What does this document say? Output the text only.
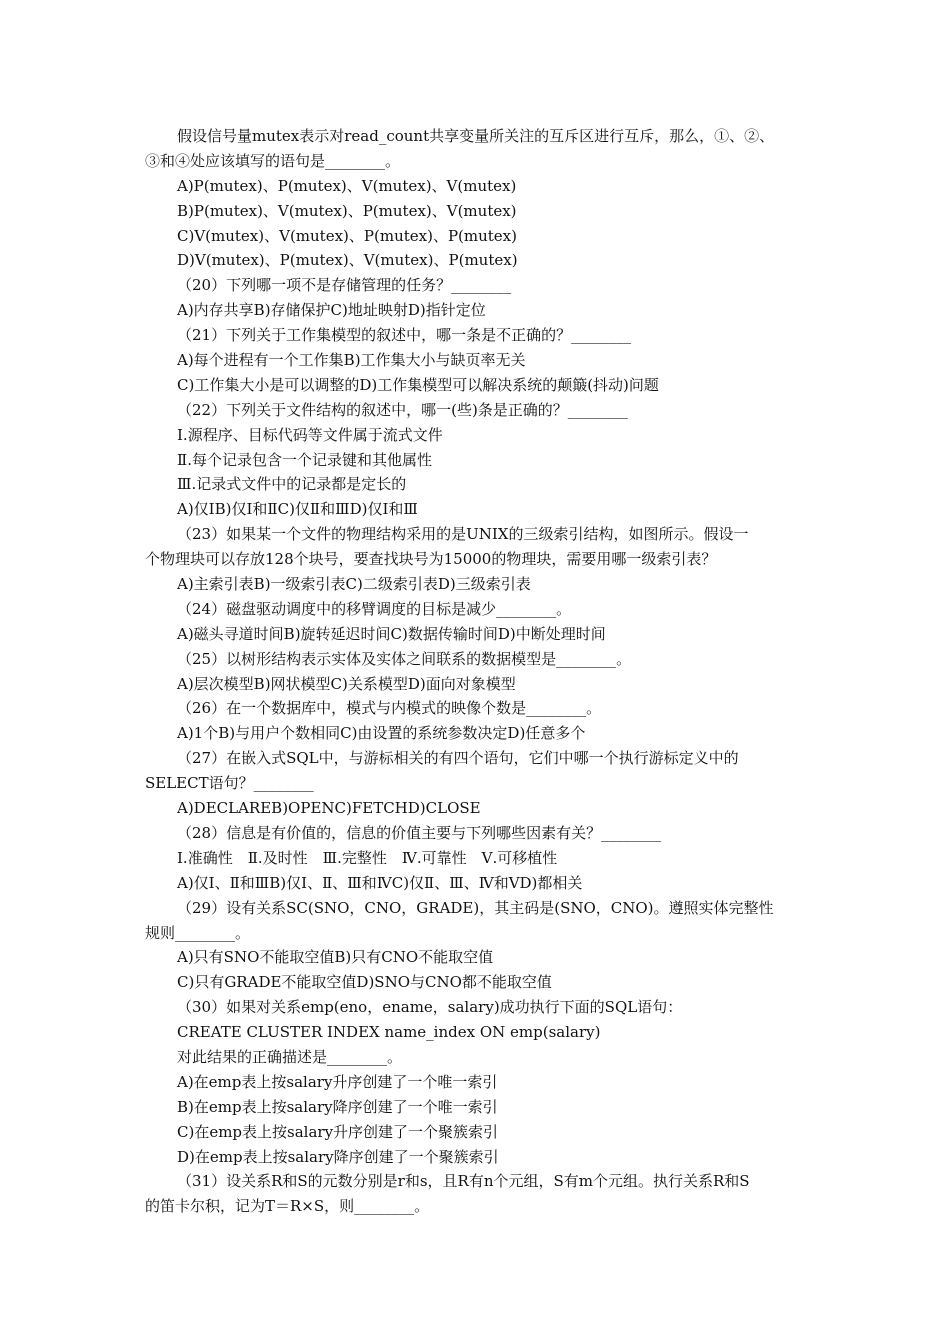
假设信号量mutex表示对read_count共享变量所关注的互斥区进行互斥，那么，①、②、
③和④处应该填写的语句是________。
A)P(mutex)、P(mutex)、V(mutex)、V(mutex)
B)P(mutex)、V(mutex)、P(mutex)、V(mutex)
C)V(mutex)、V(mutex)、P(mutex)、P(mutex)
D)V(mutex)、P(mutex)、V(mutex)、P(mutex)
（20）下列哪一项不是存储管理的任务？________
A)内存共享B)存储保护C)地址映射D)指针定位
（21）下列关于工作集模型的叙述中，哪一条是不正确的？________
A)每个进程有一个工作集B)工作集大小与缺页率无关
C)工作集大小是可以调整的D)工作集模型可以解决系统的颠簸(抖动)问题
（22）下列关于文件结构的叙述中，哪一(些)条是正确的？________
Ⅰ.源程序、目标代码等文件属于流式文件
Ⅱ.每个记录包含一个记录键和其他属性
Ⅲ.记录式文件中的记录都是定长的
A)仅ⅠB)仅Ⅰ和ⅡC)仅Ⅱ和ⅢD)仅Ⅰ和Ⅲ
（23）如果某一个文件的物理结构采用的是UNIX的三级索引结构，如图所示。假设一
个物理块可以存放128个块号，要查找块号为15000的物理块，需要用哪一级索引表？
A)主索引表B)一级索引表C)二级索引表D)三级索引表
（24）磁盘驱动调度中的移臂调度的目标是减少________。
A)磁头寻道时间B)旋转延迟时间C)数据传输时间D)中断处理时间
（25）以树形结构表示实体及实体之间联系的数据模型是________。
A)层次模型B)网状模型C)关系模型D)面向对象模型
（26）在一个数据库中，模式与内模式的映像个数是________。
A)1个B)与用户个数相同C)由设置的系统参数决定D)任意多个
（27）在嵌入式SQL中，与游标相关的有四个语句，它们中哪一个执行游标定义中的
SELECT语句？________
A)DECLAREB)OPENC)FETCHD)CLOSE
（28）信息是有价值的，信息的价值主要与下列哪些因素有关？________
Ⅰ.准确性　Ⅱ.及时性　Ⅲ.完整性　Ⅳ.可靠性　Ⅴ.可移植性
A)仅Ⅰ、Ⅱ和ⅢB)仅Ⅰ、Ⅱ、Ⅲ和ⅣC)仅Ⅱ、Ⅲ、Ⅳ和ⅤD)都相关
（29）设有关系SC(SNO，CNO，GRADE)，其主码是(SNO，CNO)。遵照实体完整性
规则________。
A)只有SNO不能取空值B)只有CNO不能取空值
C)只有GRADE不能取空值D)SNO与CNO都不能取空值
（30）如果对关系emp(eno，ename，salary)成功执行下面的SQL语句：
CREATE CLUSTER INDEX name_index ON emp(salary)
对此结果的正确描述是________。
A)在emp表上按salary升序创建了一个唯一索引
B)在emp表上按salary降序创建了一个唯一索引
C)在emp表上按salary升序创建了一个聚簇索引
D)在emp表上按salary降序创建了一个聚簇索引
（31）设关系R和S的元数分别是r和s，且R有n个元组，S有m个元组。执行关系R和S
的笛卡尔积，记为T＝R×S，则________。
